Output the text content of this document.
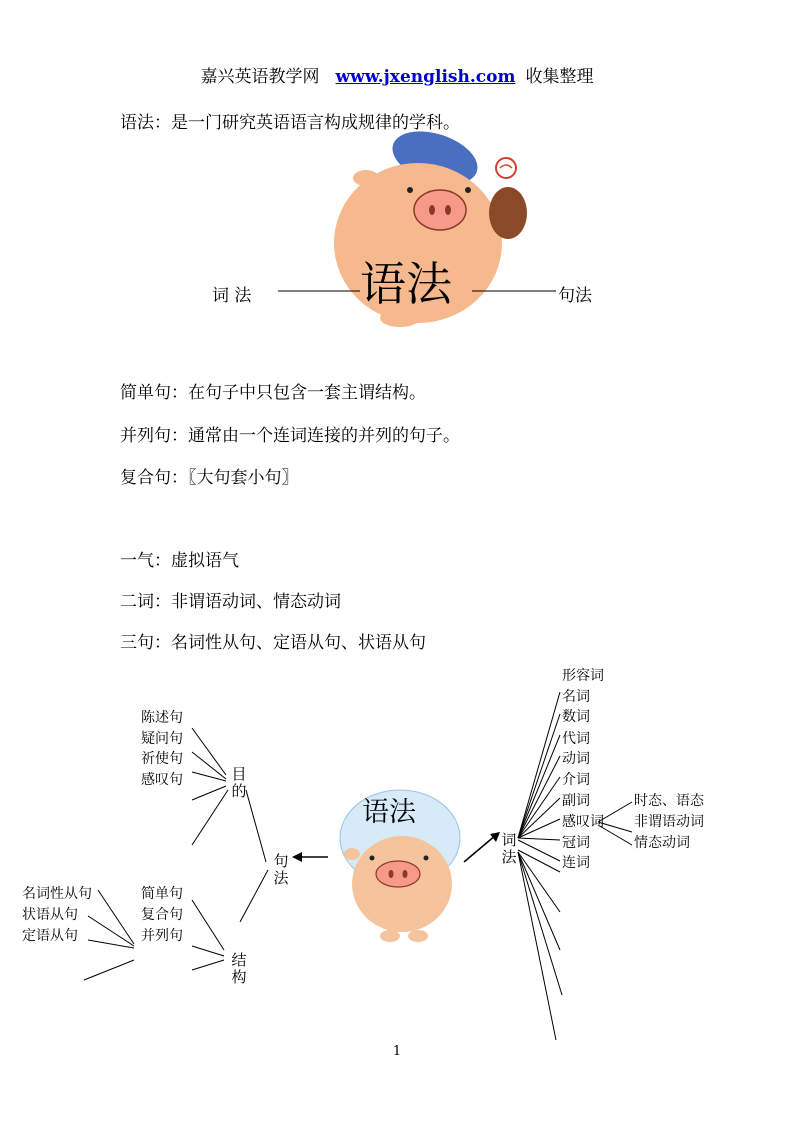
嘉兴英语教学网 www.jxenglish.com 收集整理
语法：是一门研究英语语言构成规律的学科。
词 法 语法	句法
简单句：在句子中只包含一套主谓结构。
并列句：通常由一个连词连接的并列的句子。
复合句：〖大句套小句〗
一气：虚拟语气
二词：非谓语动词、情态动词
三句：名词性从句、定语从句、状语从句
语法
陈述句
疑问句
祈使句
感叹句	目的
句法
结构
简单句
复合句
并列句
名词性从句
状语从句
定语从句
词法
形容词
名词
数词
代词
动词
介词
副词
感叹词
冠词
连词
时态、语态
非谓语动词
情态动词
1
